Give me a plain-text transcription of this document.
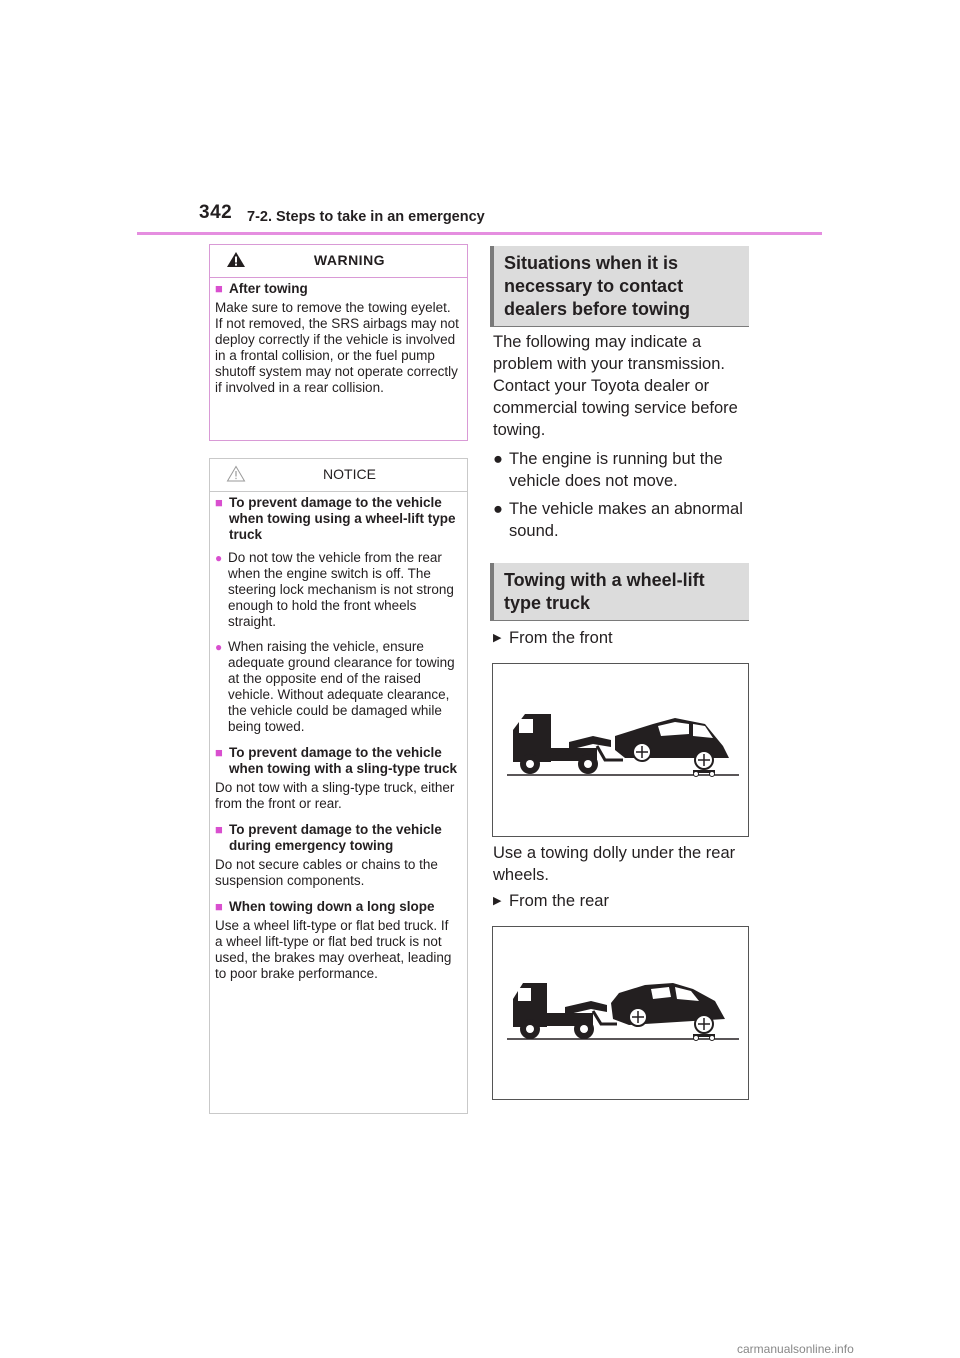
342 7-2. Steps to take in an emergency
WARNING
■ After towing

Make sure to remove the towing eyelet. If not removed, the SRS airbags may not deploy correctly if the vehicle is involved in a frontal collision, or the fuel pump shutoff system may not operate correctly if involved in a rear collision.

NOTICE
■ To prevent damage to the vehicle when towing using a wheel-lift type truck
● Do not tow the vehicle from the rear when the engine switch is off. The steering lock mechanism is not strong enough to hold the front wheels straight.
● When raising the vehicle, ensure adequate ground clearance for towing at the opposite end of the raised vehicle. Without adequate clearance, the vehicle could be damaged while being towed.
■ To prevent damage to the vehicle when towing with a sling-type truck

Do not tow with a sling-type truck, either from the front or rear.

■ To prevent damage to the vehicle during emergency towing

Do not secure cables or chains to the suspension components.

■ When towing down a long slope

Use a wheel lift-type or flat bed truck. If a wheel lift-type or flat bed truck is not used, the brakes may overheat, leading to poor brake performance.

Situations when it is necessary to contact dealers before towing
The following may indicate a problem with your transmission. Contact your Toyota dealer or commercial towing service before towing.
● The engine is running but the vehicle does not move.
● The vehicle makes an abnormal sound.
Towing with a wheel-lift type truck
▶ From the front
Use a towing dolly under the rear wheels.
▶ From the rear
carmanualsonline.info
